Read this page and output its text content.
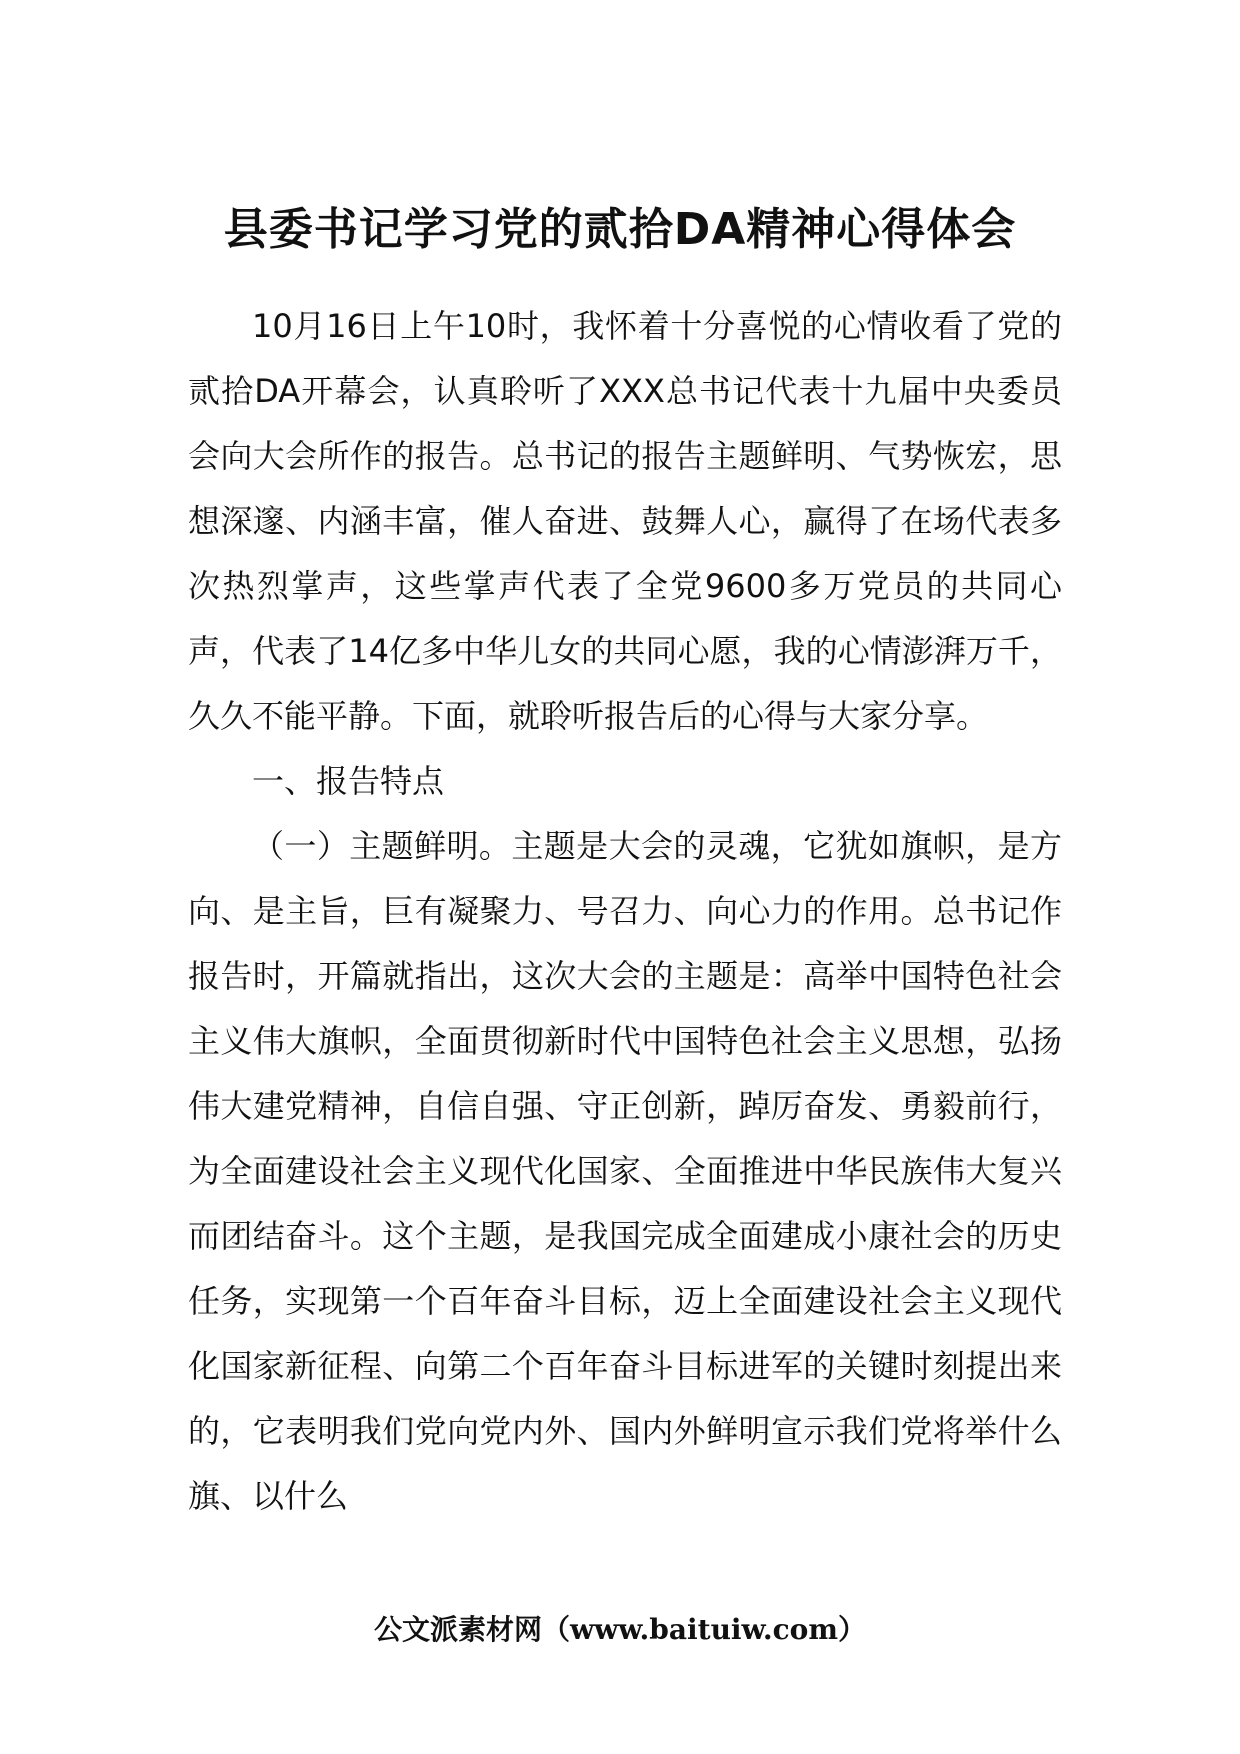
县委书记学习党的贰拾DA精神心得体会

10月16日上午10时，我怀着十分喜悦的心情收看了党的贰拾DA开幕会，认真聆听了XXX总书记代表十九届中央委员会向大会所作的报告。总书记的报告主题鲜明、气势恢宏，思想深邃、内涵丰富，催人奋进、鼓舞人心，赢得了在场代表多次热烈掌声，这些掌声代表了全党9600多万党员的共同心声，代表了14亿多中华儿女的共同心愿，我的心情澎湃万千，久久不能平静。下面，就聆听报告后的心得与大家分享。

一、报告特点

（一）主题鲜明。主题是大会的灵魂，它犹如旗帜，是方向、是主旨，巨有凝聚力、号召力、向心力的作用。总书记作报告时，开篇就指出，这次大会的主题是：高举中国特色社会主义伟大旗帜，全面贯彻新时代中国特色社会主义思想，弘扬伟大建党精神，自信自强、守正创新，踔厉奋发、勇毅前行，为全面建设社会主义现代化国家、全面推进中华民族伟大复兴而团结奋斗。这个主题，是我国完成全面建成小康社会的历史任务，实现第一个百年奋斗目标，迈上全面建设社会主义现代化国家新征程、向第二个百年奋斗目标进军的关键时刻提出来的，它表明我们党向党内外、国内外鲜明宣示我们党将举什么旗、以什么

公文派素材网（www.baituiw.com）
